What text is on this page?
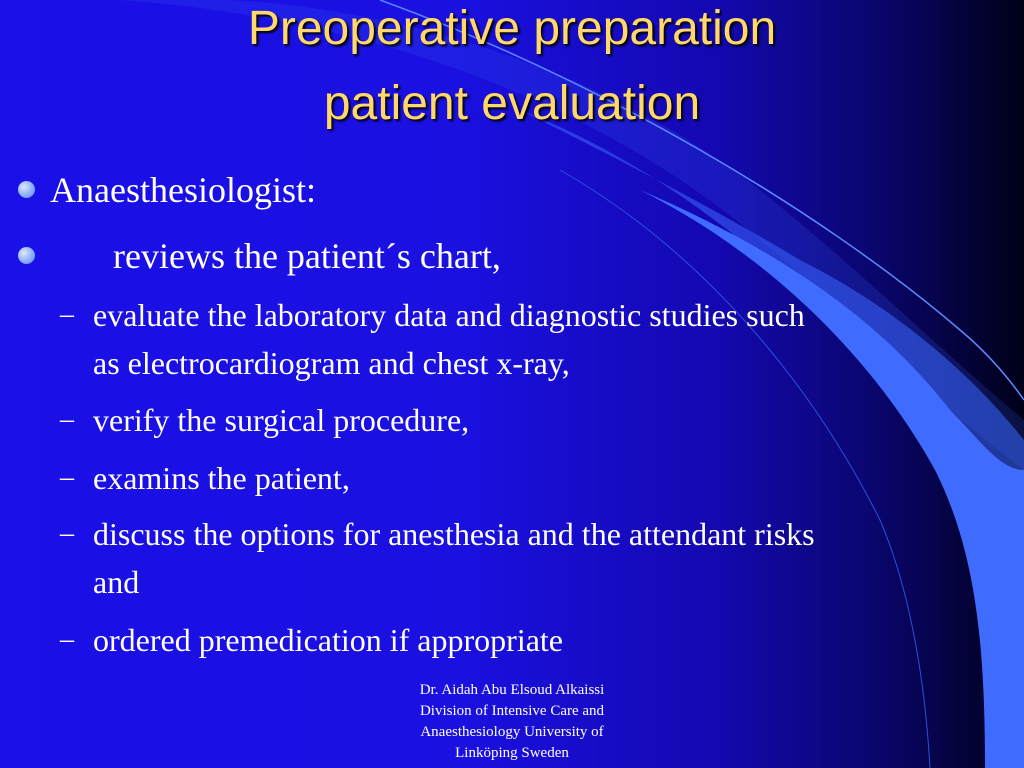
Preoperative preparation
patient evaluation
Anaesthesiologist:
reviews the patient´s chart,
– evaluate the laboratory data and diagnostic studies such
as electrocardiogram and chest x-ray,
– verify the surgical procedure,
– examins the patient,
– discuss the options for anesthesia and the attendant risks
and
– ordered premedication if appropriate
Dr. Aidah Abu Elsoud Alkaissi
Division of Intensive Care and
Anaesthesiology University of
Linköping Sweden
